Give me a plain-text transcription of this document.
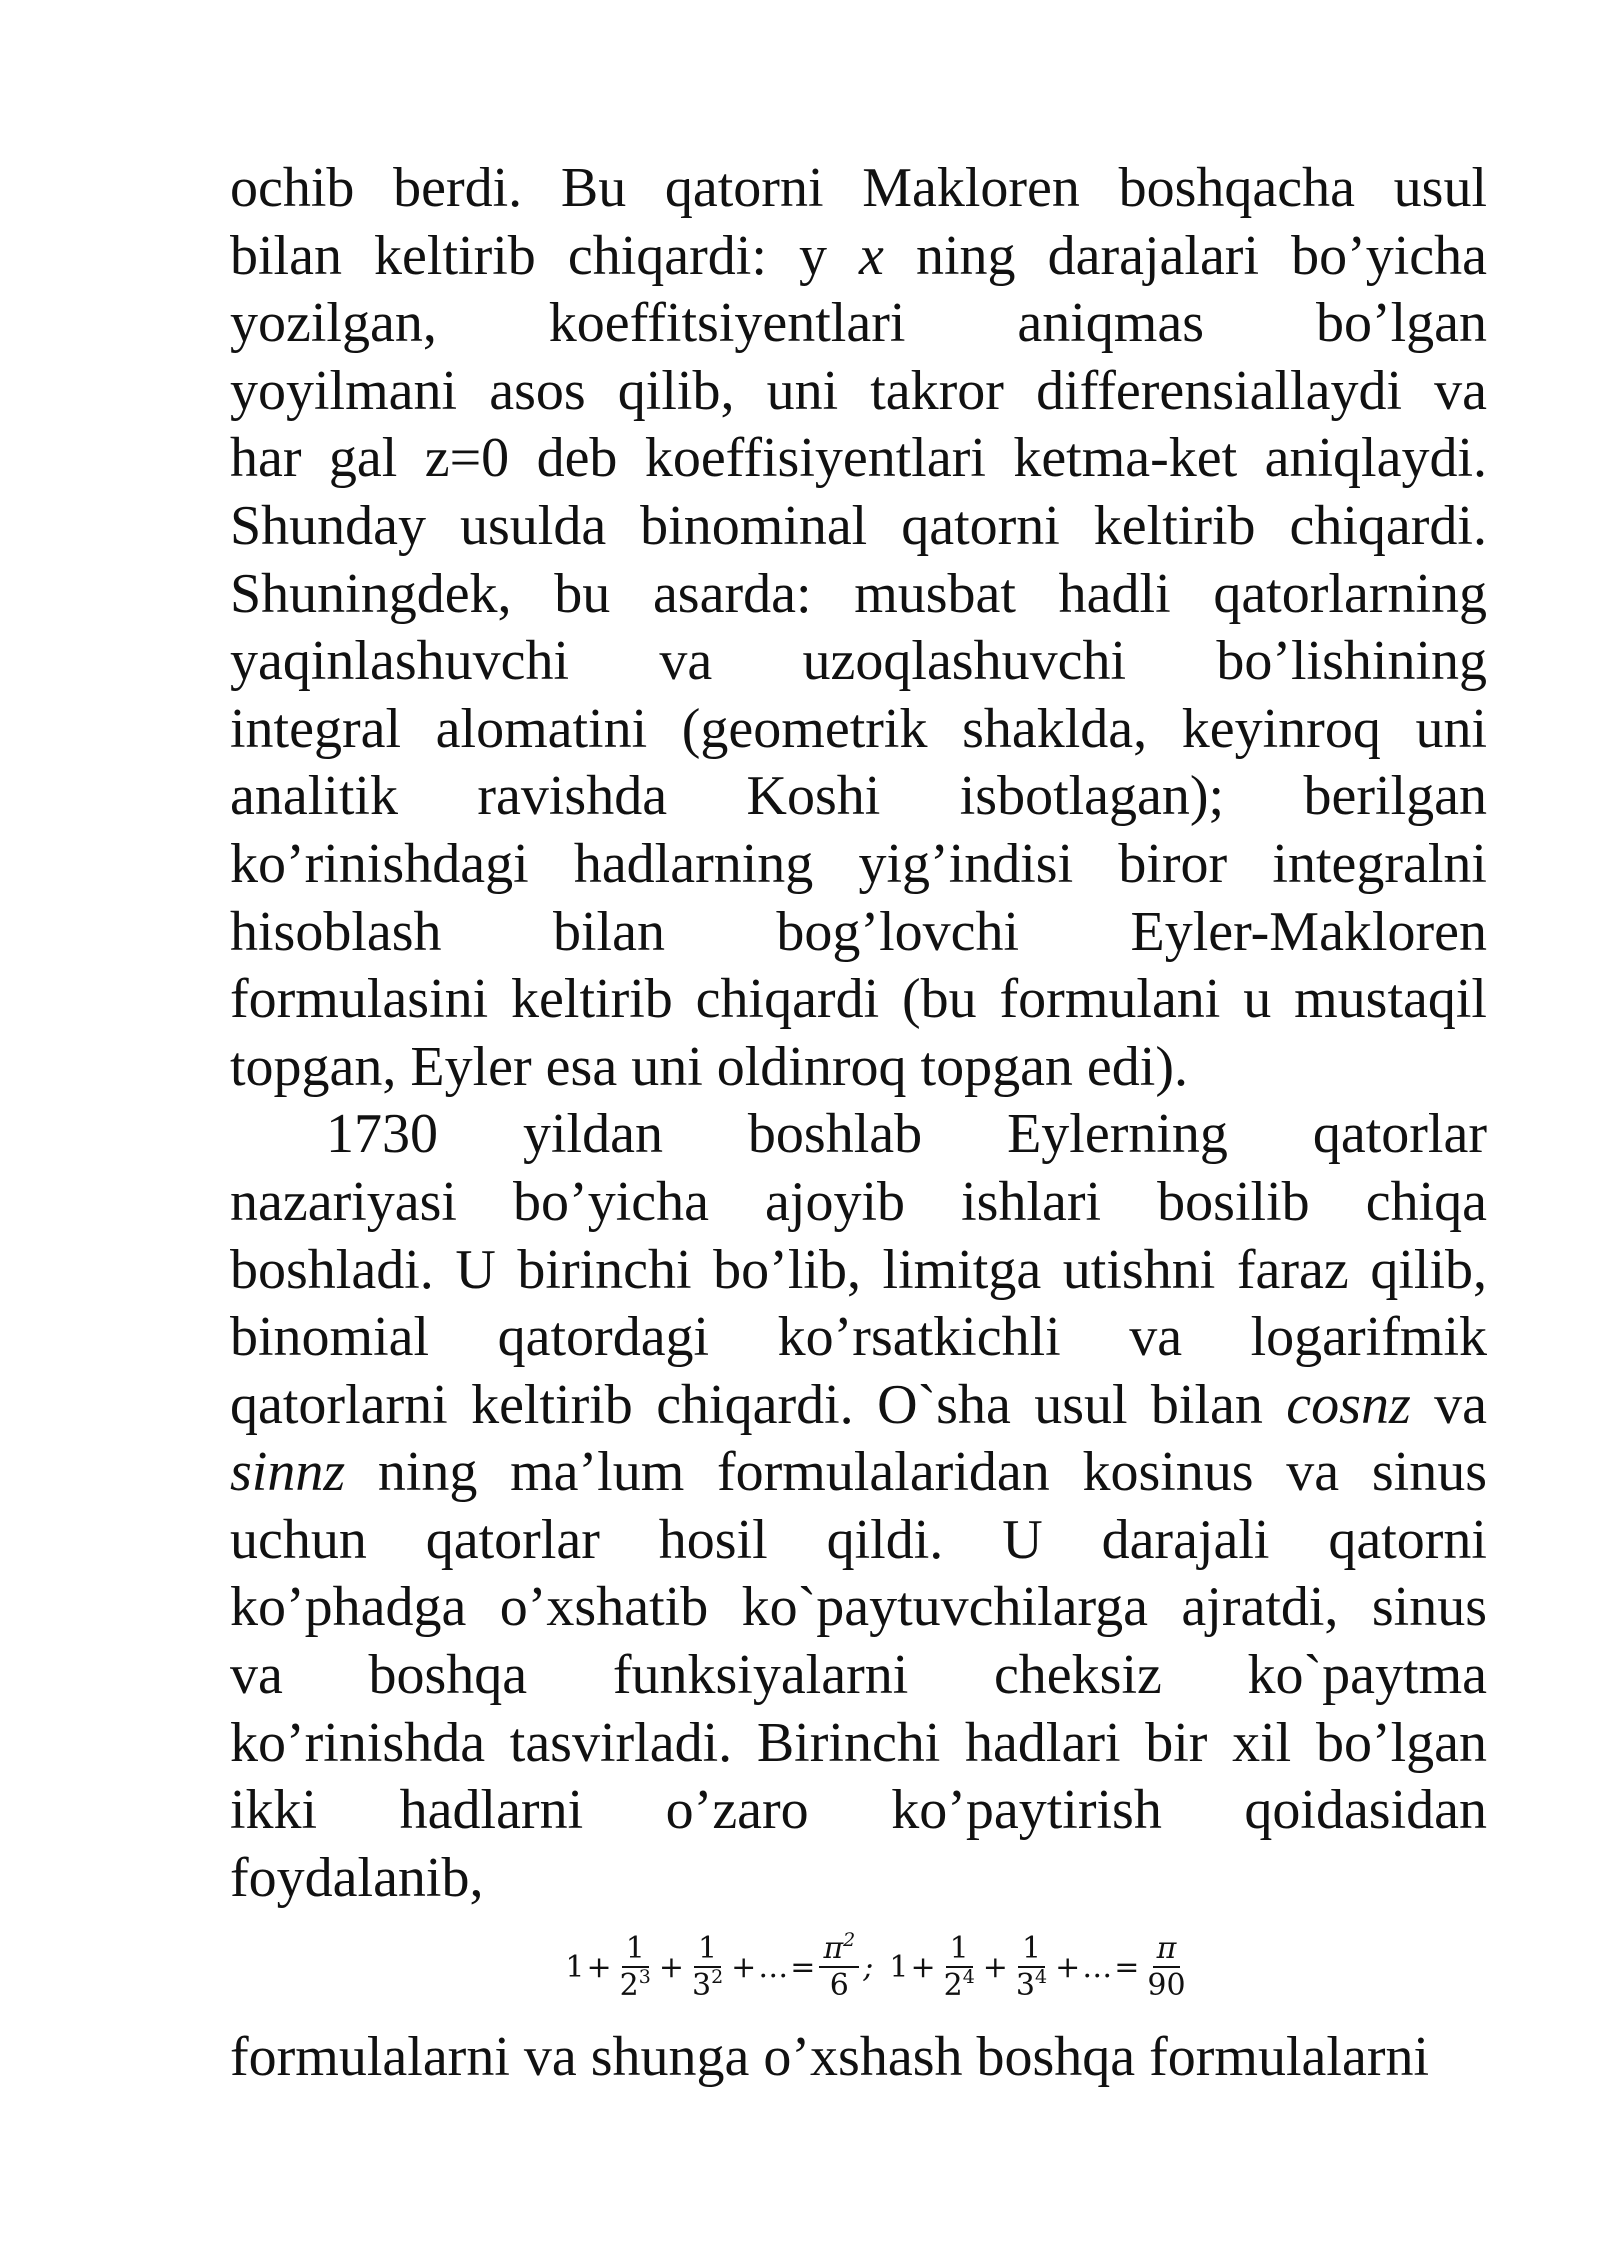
ochib berdi. Bu qatorni Makloren boshqacha usul
bilan keltirib chiqardi: y x ning darajalari bo’yicha
yozilgan, koeffitsiyentlari aniqmas bo’lgan
yoyilmani asos qilib, uni takror differensiallaydi va
har gal z=0 deb koeffisiyentlari ketma-ket aniqlaydi.
Shunday usulda binominal qatorni keltirib chiqardi.
Shuningdek, bu asarda: musbat hadli qatorlarning
yaqinlashuvchi va uzoqlashuvchi bo’lishining
integral alomatini (geometrik shaklda, keyinroq uni
analitik ravishda Koshi isbotlagan); berilgan
ko’rinishdagi hadlarning yig’indisi biror integralni
hisoblash bilan bog’lovchi Eyler-Makloren
formulasini keltirib chiqardi (bu formulani u mustaqil
topgan, Eyler esa uni oldinroq topgan edi).
1730 yildan boshlab Eylerning qatorlar
nazariyasi bo’yicha ajoyib ishlari bosilib chiqa
boshladi. U birinchi bo’lib, limitga utishni faraz qilib,
binomial qatordagi ko’rsatkichli va logarifmik
qatorlarni keltirib chiqardi. O`sha usul bilan cosnz va
sinnz ning ma’lum formulalaridan kosinus va sinus
uchun qatorlar hosil qildi. U darajali qatorni
ko’phadga o’xshatib ko`paytuvchilarga ajratdi, sinus
va boshqa funksiyalarni cheksiz ko`paytma
ko’rinishda tasvirladi. Birinchi hadlari bir xil bo’lgan
ikki hadlarni o’zaro ko’paytirish qoidasidan
foydalanib,
$1 + \frac{1}{2^3} + \frac{1}{3^2}$ + … = $\frac{\pi^2}{6}$ ; $1 + \frac{1}{2^4} + \frac{1}{3^4}$ + … = $\frac{\pi}{90}$
formulalarni va shunga o’xshash boshqa formulalarni
